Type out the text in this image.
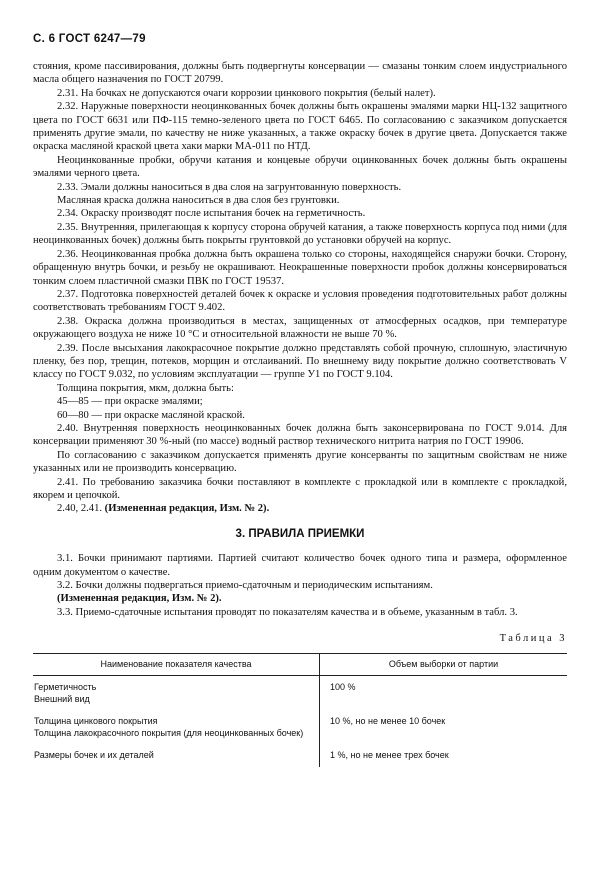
С. 6 ГОСТ 6247—79

стояния, кроме пассивирования, должны быть подвергнуты консервации — смазаны тонким слоем индустриального масла общего назначения по ГОСТ 20799.

2.31. На бочках не допускаются очаги коррозии цинкового покрытия (белый налет).

2.32. Наружные поверхности неоцинкованных бочек должны быть окрашены эмалями марки НЦ-132 защитного цвета по ГОСТ 6631 или ПФ-115 темно-зеленого цвета по ГОСТ 6465. По согласованию с заказчиком допускается применять другие эмали, по качеству не ниже указанных, а также окраску бочек в другие цвета. Допускается также окраска масляной краской цвета хаки марки МА-011 по НТД.

Неоцинкованные пробки, обручи катания и концевые обручи оцинкованных бочек должны быть окрашены эмалями черного цвета.

2.33. Эмали должны наноситься в два слоя на загрунтованную поверхность.

Масляная краска должна наноситься в два слоя без грунтовки.

2.34. Окраску производят после испытания бочек на герметичность.

2.35. Внутренняя, прилегающая к корпусу сторона обручей катания, а также поверхность корпуса под ними (для неоцинкованных бочек) должны быть покрыты грунтовкой до установки обручей на корпус.

2.36. Неоцинкованная пробка должна быть окрашена только со стороны, находящейся снаружи бочки. Сторону, обращенную внутрь бочки, и резьбу не окрашивают. Неокрашенные поверхности пробок должны консервироваться тонким слоем пластичной смазки ПВК по ГОСТ 19537.

2.37. Подготовка поверхностей деталей бочек к окраске и условия проведения подготовительных работ должны соответствовать требованиям ГОСТ 9.402.

2.38. Окраска должна производиться в местах, защищенных от атмосферных осадков, при температуре окружающего воздуха не ниже 10 °С и относительной влажности не выше 70 %.

2.39. После высыхания лакокрасочное покрытие должно представлять собой прочную, сплошную, эластичную пленку, без пор, трещин, потеков, морщин и отслаиваний. По внешнему виду покрытие должно соответствовать V классу по ГОСТ 9.032, по условиям эксплуатации — группе У1 по ГОСТ 9.104.

Толщина покрытия, мкм, должна быть:

45—85 — при окраске эмалями;

60—80 — при окраске масляной краской.

2.40. Внутренняя поверхность неоцинкованных бочек должна быть законсервирована по ГОСТ 9.014. Для консервации применяют 30 %-ный (по массе) водный раствор технического нитрита натрия по ГОСТ 19906.

По согласованию с заказчиком допускается применять другие консерванты по защитным свойствам не ниже указанных или не производить консервацию.

2.41. По требованию заказчика бочки поставляют в комплекте с прокладкой или в комплекте с прокладкой, якорем и цепочкой.

2.40, 2.41. (Измененная редакция, Изм. № 2).

3. ПРАВИЛА ПРИЕМКИ

3.1. Бочки принимают партиями. Партией считают количество бочек одного типа и размера, оформленное одним документом о качестве.

3.2. Бочки должны подвергаться приемо-сдаточным и периодическим испытаниям.

(Измененная редакция, Изм. № 2).

3.3. Приемо-сдаточные испытания проводят по показателям качества и в объеме, указанным в табл. 3.

Таблица 3
Наименование показателя качества	Объем выборки от партии
Герметичность
Внешний вид	100 %
Толщина цинкового покрытия
Толщина лакокрасочного покрытия (для неоцинкованных бочек)	10 %, но не менее 10 бочек
Размеры бочек и их деталей	1 %, но не менее трех бочек
